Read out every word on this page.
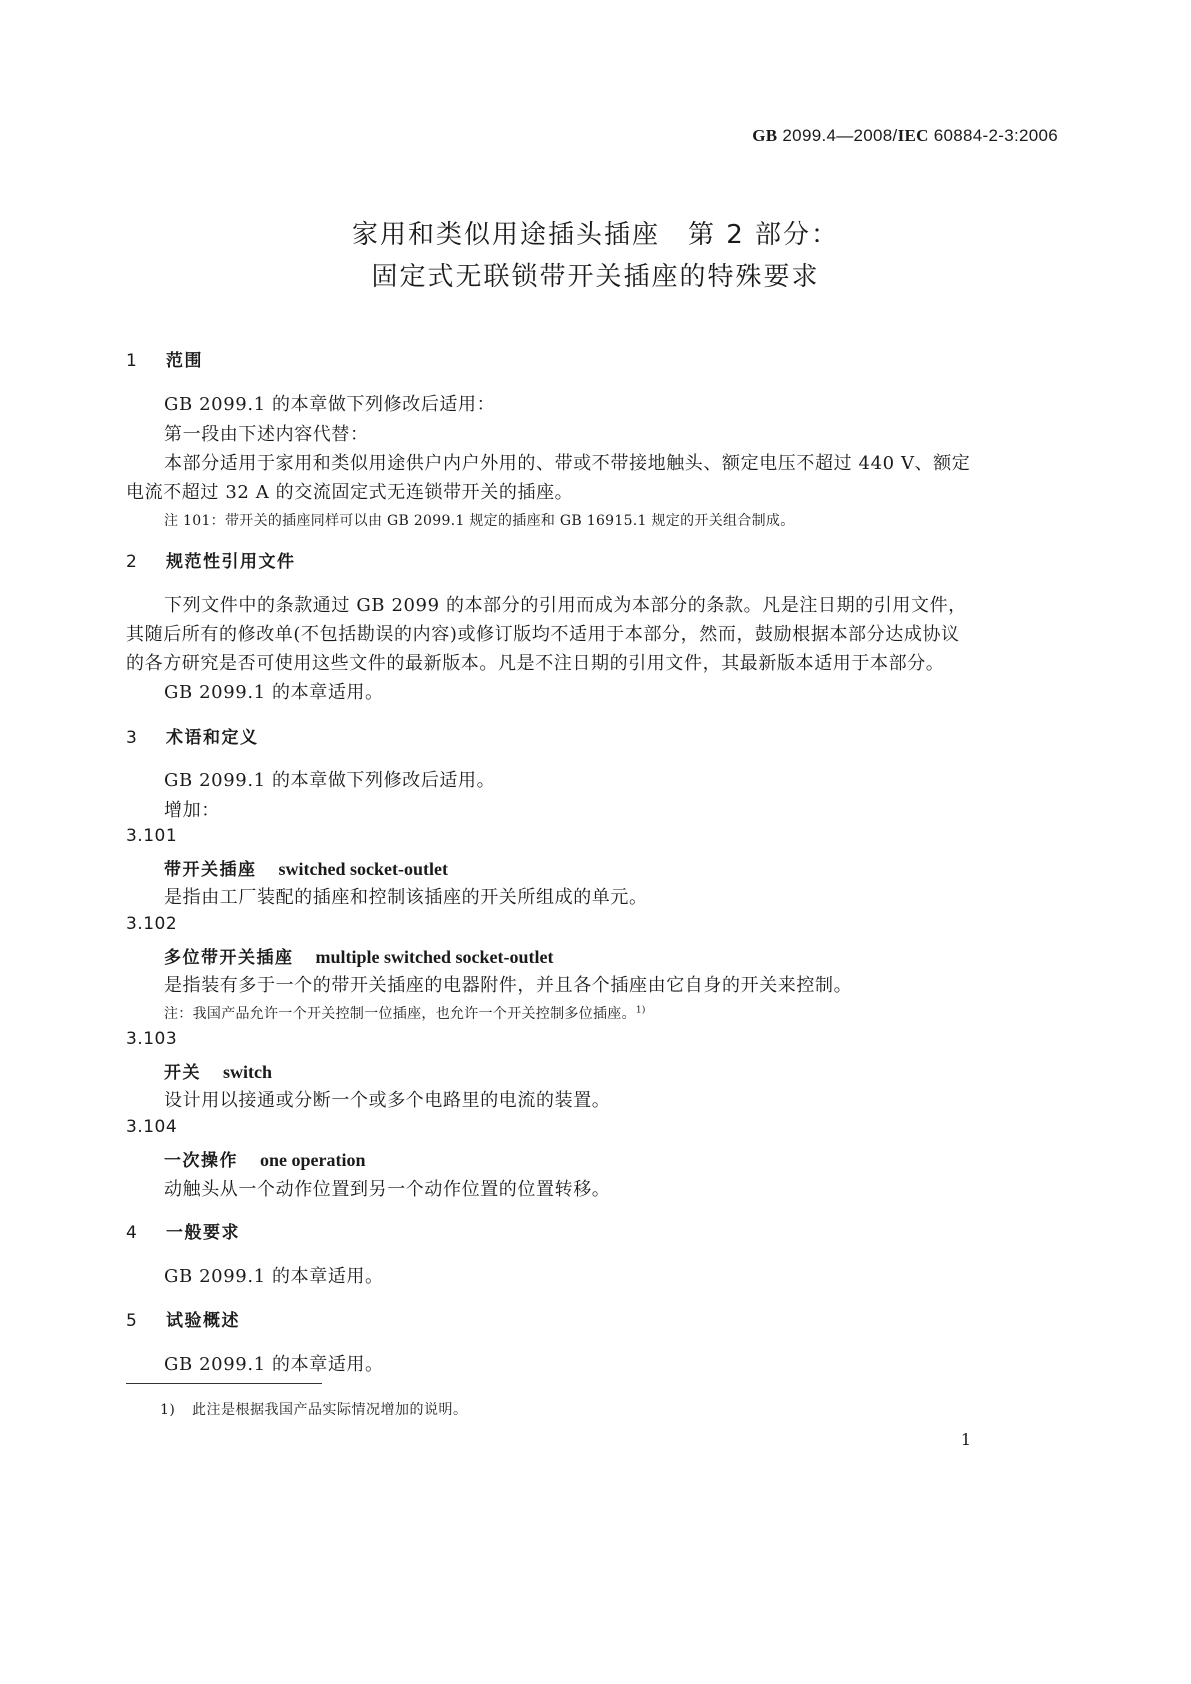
GB 2099.4—2008/IEC 60884-2-3:2006
家用和类似用途插头插座　第 2 部分：
固定式无联锁带开关插座的特殊要求
1 范围
GB 2099.1 的本章做下列修改后适用：
第一段由下述内容代替：
本部分适用于家用和类似用途供户内户外用的、带或不带接地触头、额定电压不超过 440 V、额定
电流不超过 32 A 的交流固定式无连锁带开关的插座。
注 101：带开关的插座同样可以由 GB 2099.1 规定的插座和 GB 16915.1 规定的开关组合制成。
2 规范性引用文件
下列文件中的条款通过 GB 2099 的本部分的引用而成为本部分的条款。凡是注日期的引用文件，
其随后所有的修改单(不包括勘误的内容)或修订版均不适用于本部分，然而，鼓励根据本部分达成协议
的各方研究是否可使用这些文件的最新版本。凡是不注日期的引用文件，其最新版本适用于本部分。
GB 2099.1 的本章适用。
3 术语和定义
GB 2099.1 的本章做下列修改后适用。
增加：
3.101
带开关插座 switched socket-outlet
是指由工厂装配的插座和控制该插座的开关所组成的单元。
3.102
多位带开关插座 multiple switched socket-outlet
是指装有多于一个的带开关插座的电器附件，并且各个插座由它自身的开关来控制。
注：我国产品允许一个开关控制一位插座，也允许一个开关控制多位插座。$^{1)}$
3.103
开关 switch
设计用以接通或分断一个或多个电路里的电流的装置。
3.104
一次操作 one operation
动触头从一个动作位置到另一个动作位置的位置转移。
4 一般要求
GB 2099.1 的本章适用。
5 试验概述
GB 2099.1 的本章适用。
1) 此注是根据我国产品实际情况增加的说明。
1
